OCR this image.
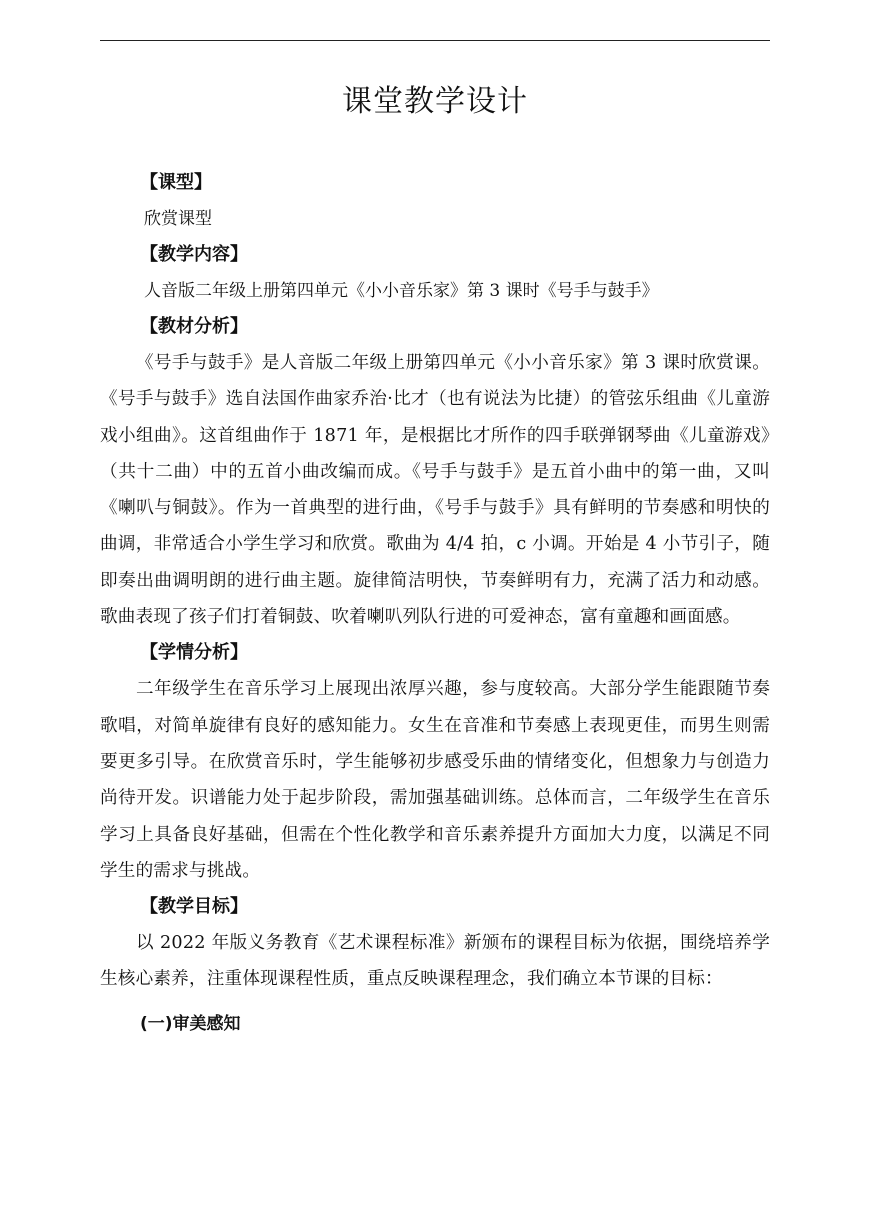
课堂教学设计
【课型】

欣赏课型

【教学内容】

人音版二年级上册第四单元《小小音乐家》第 3 课时《号手与鼓手》

【教材分析】

《号手与鼓手》是人音版二年级上册第四单元《小小音乐家》第 3 课时欣赏课。《号手与鼓手》选自法国作曲家乔治·比才（也有说法为比捷）的管弦乐组曲《儿童游戏小组曲》。这首组曲作于 1871 年，是根据比才所作的四手联弹钢琴曲《儿童游戏》（共十二曲）中的五首小曲改编而成。《号手与鼓手》是五首小曲中的第一曲，又叫《喇叭与铜鼓》。作为一首典型的进行曲，《号手与鼓手》具有鲜明的节奏感和明快的曲调，非常适合小学生学习和欣赏。歌曲为 4/4 拍，c 小调。开始是 4 小节引子，随即奏出曲调明朗的进行曲主题。旋律简洁明快，节奏鲜明有力，充满了活力和动感。歌曲表现了孩子们打着铜鼓、吹着喇叭列队行进的可爱神态，富有童趣和画面感。

【学情分析】

二年级学生在音乐学习上展现出浓厚兴趣，参与度较高。大部分学生能跟随节奏歌唱，对简单旋律有良好的感知能力。女生在音准和节奏感上表现更佳，而男生则需要更多引导。在欣赏音乐时，学生能够初步感受乐曲的情绪变化，但想象力与创造力尚待开发。识谱能力处于起步阶段，需加强基础训练。总体而言，二年级学生在音乐学习上具备良好基础，但需在个性化教学和音乐素养提升方面加大力度，以满足不同学生的需求与挑战。

【教学目标】

以 2022 年版义务教育《艺术课程标准》新颁布的课程目标为依据，围绕培养学生核心素养，注重体现课程性质，重点反映课程理念，我们确立本节课的目标：

(一)审美感知
